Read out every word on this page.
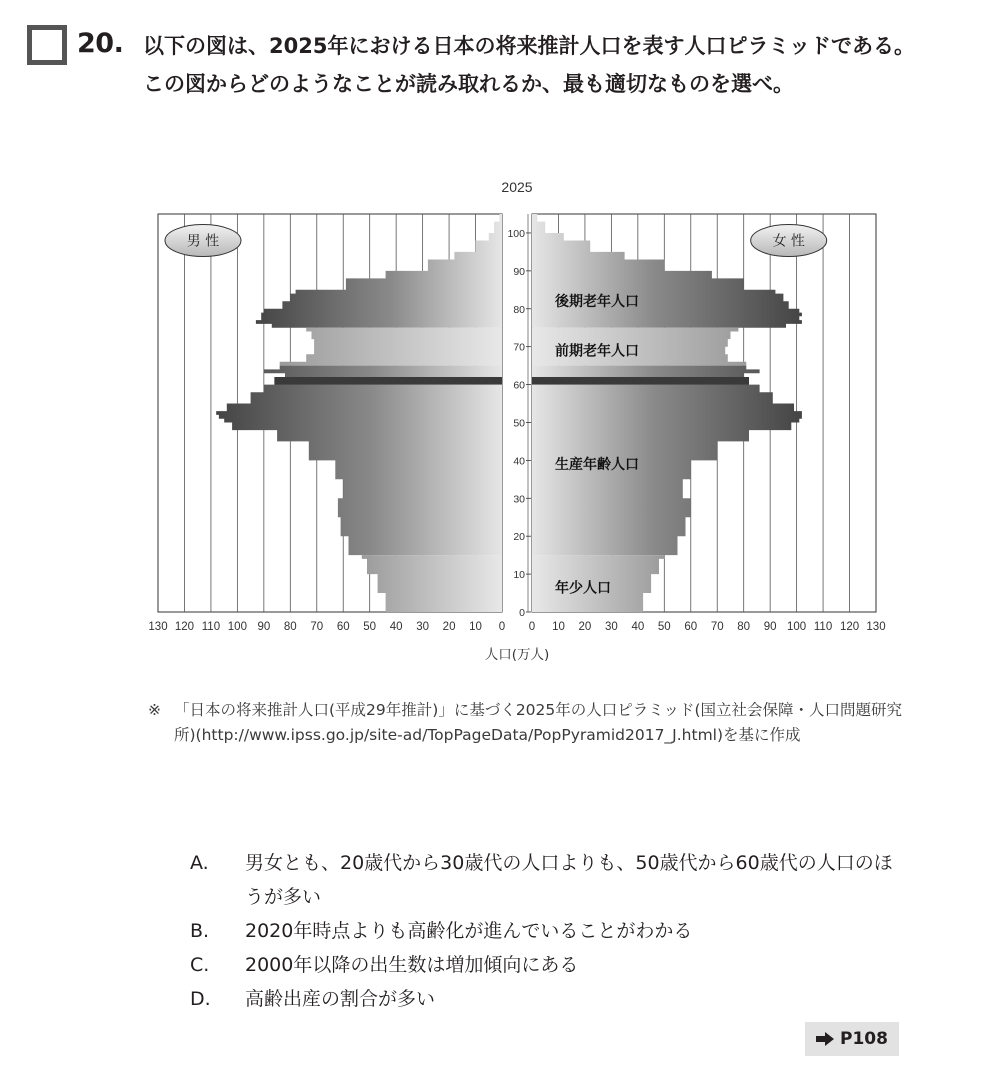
20. 以下の図は、2025年における日本の将来推計人口を表す人口ピラミッドである。この図からどのようなことが読み取れるか、最も適切なものを選べ。
130 120 110 100 90 80 70 60 50 40 30 20 10 0 0 10 20 30 40 50 60 70 80 90 100 110 120 130
100
90
80
70
60
50
40
30
20
10
0
後期老年人口
前期老年人口
生産年齢人口
年少人口
男 性	女 性
2025
人口(万人)
※ 「日本の将来推計人口(平成29年推計)」に基づく2025年の人口ピラミッド(国立社会保障・人口問題研究所)(http://www.ipss.go.jp/site-ad/TopPageData/PopPyramid2017_J.html)を基に作成
A.	男女とも、20歳代から30歳代の人口よりも、50歳代から60歳代の人口のほうが多い
B.	2020年時点よりも高齢化が進んでいることがわかる
C.	2000年以降の出生数は増加傾向にある
D.	高齢出産の割合が多い
P108
